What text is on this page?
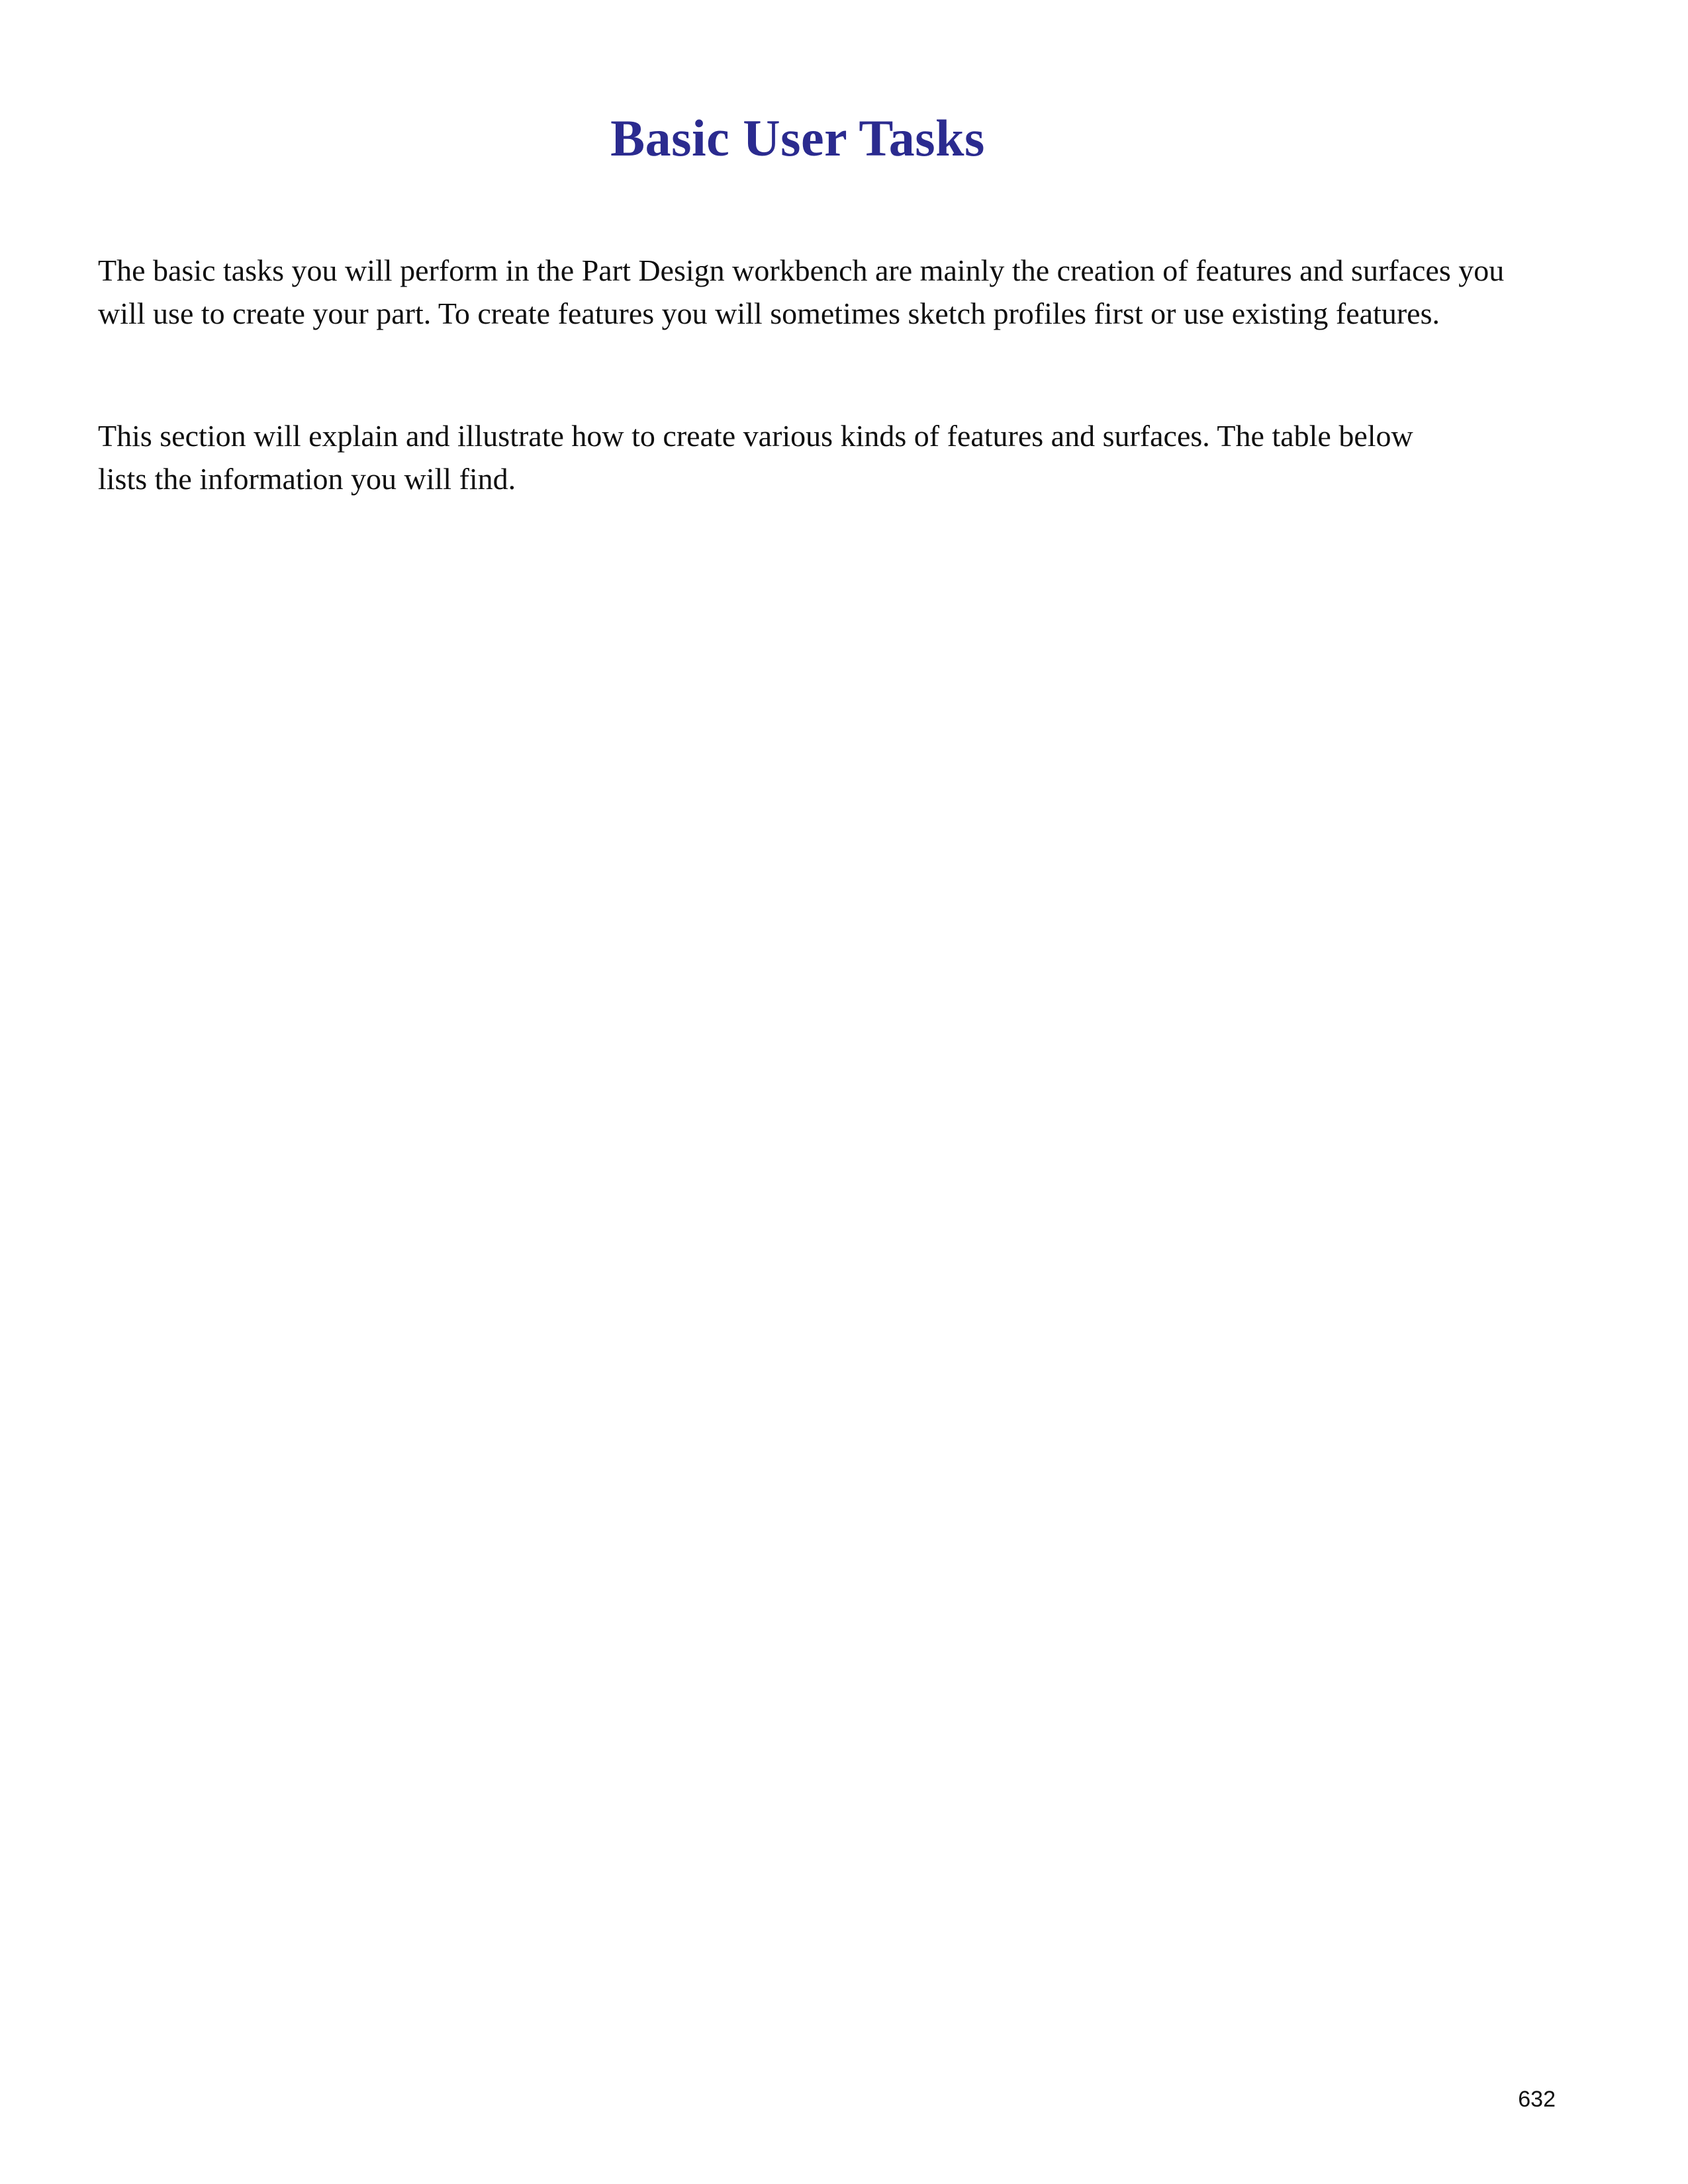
Basic User Tasks

The basic tasks you will perform in the Part Design workbench are mainly the creation of features and surfaces you will use to create your part. To create features you will sometimes sketch profiles first or use existing features.

This section will explain and illustrate how to create various kinds of features and surfaces. The table below lists the information you will find.

632
